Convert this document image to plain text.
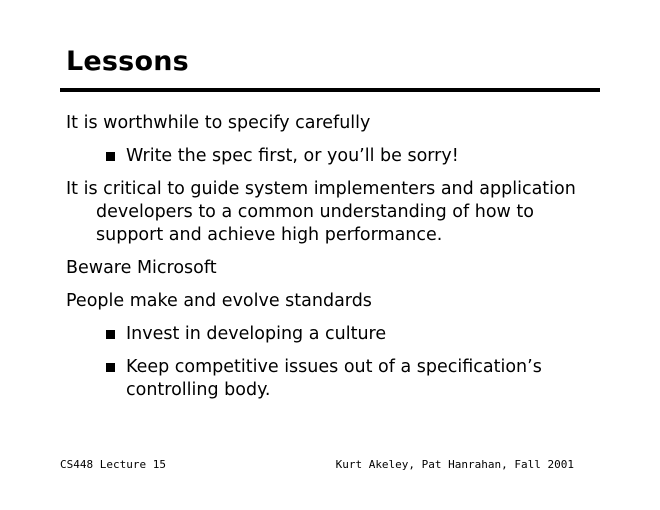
Lessons

It is worthwhile to specify carefully

Write the spec first, or you’ll be sorry!

It is critical to guide system implementers and application developers to a common understanding of how to support and achieve high performance.

Beware Microsoft

People make and evolve standards

Invest in developing a culture
Keep competitive issues out of a specification’s controlling body.
CS448 Lecture 15	Kurt Akeley, Pat Hanrahan, Fall 2001
